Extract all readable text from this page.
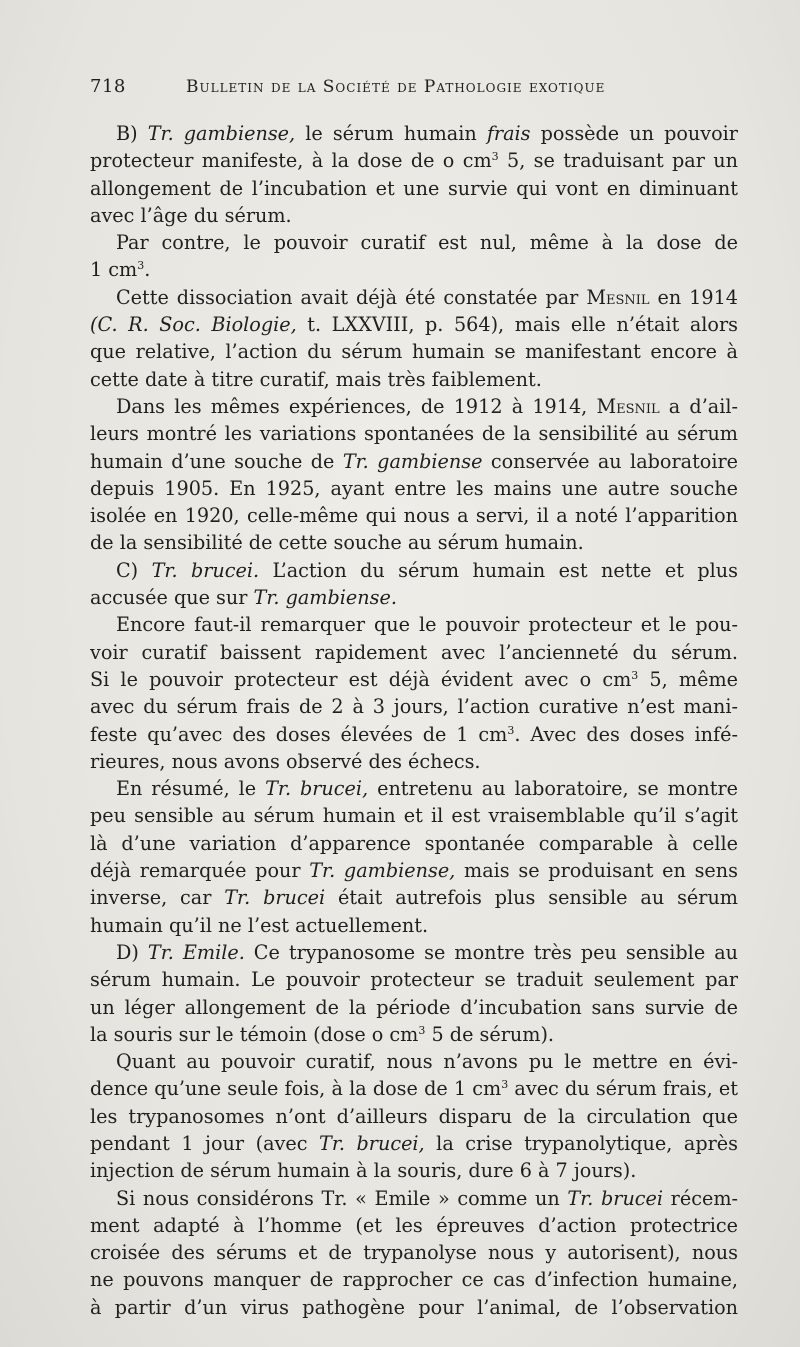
718	Bulletin de la Société de Pathologie exotique
B) Tr. gambiense, le sérum humain frais possède un pouvoir
protecteur manifeste, à la dose de o $cm^3$ 5, se traduisant par un
allongement de l’incubation et une survie qui vont en diminuant
avec l’âge du sérum.
Par contre, le pouvoir curatif est nul, même à la dose de
1 $cm^3$.
Cette dissociation avait déjà été constatée par Mesnil en 1914
(C. R. Soc. Biologie, t. LXXVIII, p. 564), mais elle n’était alors
que relative, l’action du sérum humain se manifestant encore à
cette date à titre curatif, mais très faiblement.
Dans les mêmes expériences, de 1912 à 1914, Mesnil a d’ail-
leurs montré les variations spontanées de la sensibilité au sérum
humain d’une souche de Tr. gambiense conservée au laboratoire
depuis 1905. En 1925, ayant entre les mains une autre souche
isolée en 1920, celle-même qui nous a servi, il a noté l’apparition
de la sensibilité de cette souche au sérum humain.
C) Tr. brucei. L’action du sérum humain est nette et plus
accusée que sur Tr. gambiense.
Encore faut-il remarquer que le pouvoir protecteur et le pou-
voir curatif baissent rapidement avec l’ancienneté du sérum.
Si le pouvoir protecteur est déjà évident avec o $cm^3$ 5, même
avec du sérum frais de 2 à 3 jours, l’action curative n’est mani-
feste qu’avec des doses élevées de 1 $cm^3$. Avec des doses infé-
rieures, nous avons observé des échecs.
En résumé, le Tr. brucei, entretenu au laboratoire, se montre
peu sensible au sérum humain et il est vraisemblable qu’il s’agit
là d’une variation d’apparence spontanée comparable à celle
déjà remarquée pour Tr. gambiense, mais se produisant en sens
inverse, car Tr. brucei était autrefois plus sensible au sérum
humain qu’il ne l’est actuellement.
D) Tr. Emile. Ce trypanosome se montre très peu sensible au
sérum humain. Le pouvoir protecteur se traduit seulement par
un léger allongement de la période d’incubation sans survie de
la souris sur le témoin (dose o $cm^3$ 5 de sérum).
Quant au pouvoir curatif, nous n’avons pu le mettre en évi-
dence qu’une seule fois, à la dose de 1 $cm^3$ avec du sérum frais, et
les trypanosomes n’ont d’ailleurs disparu de la circulation que
pendant 1 jour (avec Tr. brucei, la crise trypanolytique, après
injection de sérum humain à la souris, dure 6 à 7 jours).
Si nous considérons Tr. « Emile » comme un Tr. brucei récem-
ment adapté à l’homme (et les épreuves d’action protectrice
croisée des sérums et de trypanolyse nous y autorisent), nous
ne pouvons manquer de rapprocher ce cas d’infection humaine,
à partir d’un virus pathogène pour l’animal, de l’observation
